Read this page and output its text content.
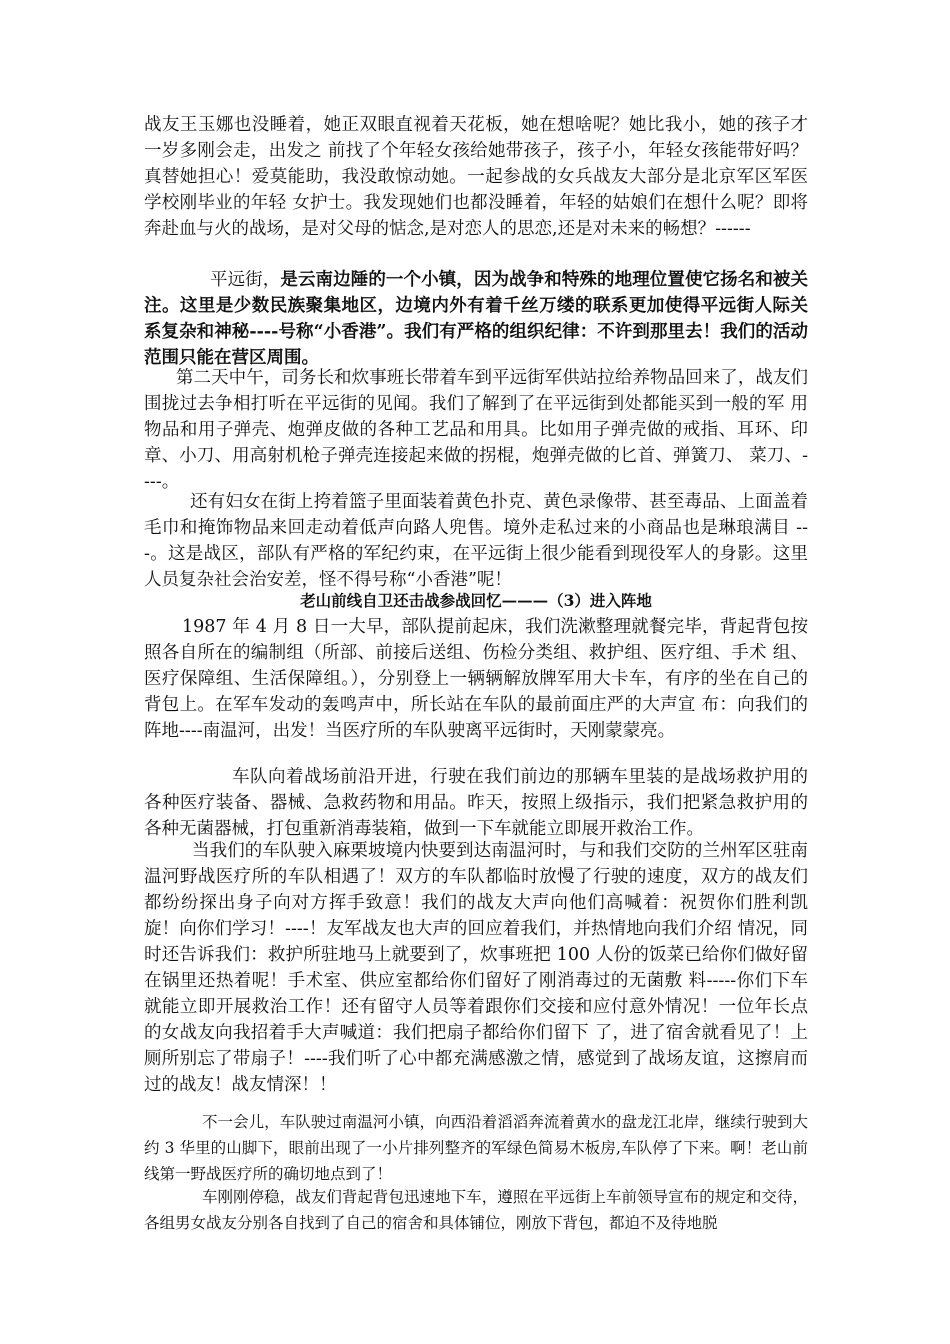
战友王玉娜也没睡着，她正双眼直视着天花板，她在想啥呢？她比我小，她的孩子才一岁多刚会走，出发之 前找了个年轻女孩给她带孩子，孩子小，年轻女孩能带好吗？真替她担心！爱莫能助，我没敢惊动她。一起参战的女兵战友大部分是北京军区军医学校刚毕业的年轻 女护士。我发现她们也都没睡着，年轻的姑娘们在想什么呢？即将奔赴血与火的战场，是对父母的惦念,是对恋人的思恋,还是对未来的畅想？------

平远街，是云南边陲的一个小镇，因为战争和特殊的地理位置使它扬名和被关注。这里是少数民族聚集地区，边境内外有着千丝万缕的联系更加使得平远街人际关系复杂和神秘----号称“小香港”。我们有严格的组织纪律：不许到那里去！我们的活动范围只能在营区周围。

第二天中午，司务长和炊事班长带着车到平远街军供站拉给养物品回来了，战友们围拢过去争相打听在平远街的见闻。我们了解到了在平远街到处都能买到一般的军 用物品和用子弹壳、炮弹皮做的各种工艺品和用具。比如用子弹壳做的戒指、耳环、印章、小刀、用高射机枪子弹壳连接起来做的拐棍，炮弹壳做的匕首、弹簧刀、 菜刀、----。

还有妇女在街上挎着篮子里面装着黄色扑克、黄色录像带、甚至毒品、上面盖着毛巾和掩饰物品来回走动着低声向路人兜售。境外走私过来的小商品也是琳琅满目 ---。这是战区，部队有严格的军纪约束，在平远街上很少能看到现役军人的身影。这里人员复杂社会治安差，怪不得号称“小香港”呢！

老山前线自卫还击战参战回忆———（3）进入阵地

1987 年 4 月 8 日一大早，部队提前起床，我们洗漱整理就餐完毕，背起背包按照各自所在的编制组（所部、前接后送组、伤检分类组、救护组、医疗组、手术 组、医疗保障组、生活保障组。），分别登上一辆辆解放牌军用大卡车，有序的坐在自己的背包上。在军车发动的轰鸣声中，所长站在车队的最前面庄严的大声宣 布：向我们的阵地----南温河，出发！当医疗所的车队驶离平远街时，天刚蒙蒙亮。

车队向着战场前沿开进，行驶在我们前边的那辆车里装的是战场救护用的各种医疗装备、器械、急救药物和用品。昨天，按照上级指示，我们把紧急救护用的各种无菌器械，打包重新消毒装箱，做到一下车就能立即展开救治工作。

当我们的车队驶入麻栗坡境内快要到达南温河时，与和我们交防的兰州军区驻南温河野战医疗所的车队相遇了！双方的车队都临时放慢了行驶的速度，双方的战友们 都纷纷探出身子向对方挥手致意！我们的战友大声向他们高喊着：祝贺你们胜利凯旋！向你们学习！----！友军战友也大声的回应着我们，并热情地向我们介绍 情况，同时还告诉我们：救护所驻地马上就要到了，炊事班把 100 人份的饭菜已给你们做好留在锅里还热着呢！手术室、供应室都给你们留好了刚消毒过的无菌敷 料-----你们下车就能立即开展救治工作！还有留守人员等着跟你们交接和应付意外情况！一位年长点的女战友向我招着手大声喊道：我们把扇子都给你们留下 了，进了宿舍就看见了！上厕所别忘了带扇子！----我们听了心中都充满感激之情，感觉到了战场友谊，这擦肩而过的战友！战友情深！！

不一会儿，车队驶过南温河小镇，向西沿着滔滔奔流着黄水的盘龙江北岸，继续行驶到大约 3 华里的山脚下，眼前出现了一小片排列整齐的军绿色简易木板房,车队停了下来。啊！老山前线第一野战医疗所的确切地点到了！

车刚刚停稳，战友们背起背包迅速地下车，遵照在平远街上车前领导宣布的规定和交待，各组男女战友分别各自找到了自己的宿舍和具体铺位，刚放下背包，都迫不及待地脱
